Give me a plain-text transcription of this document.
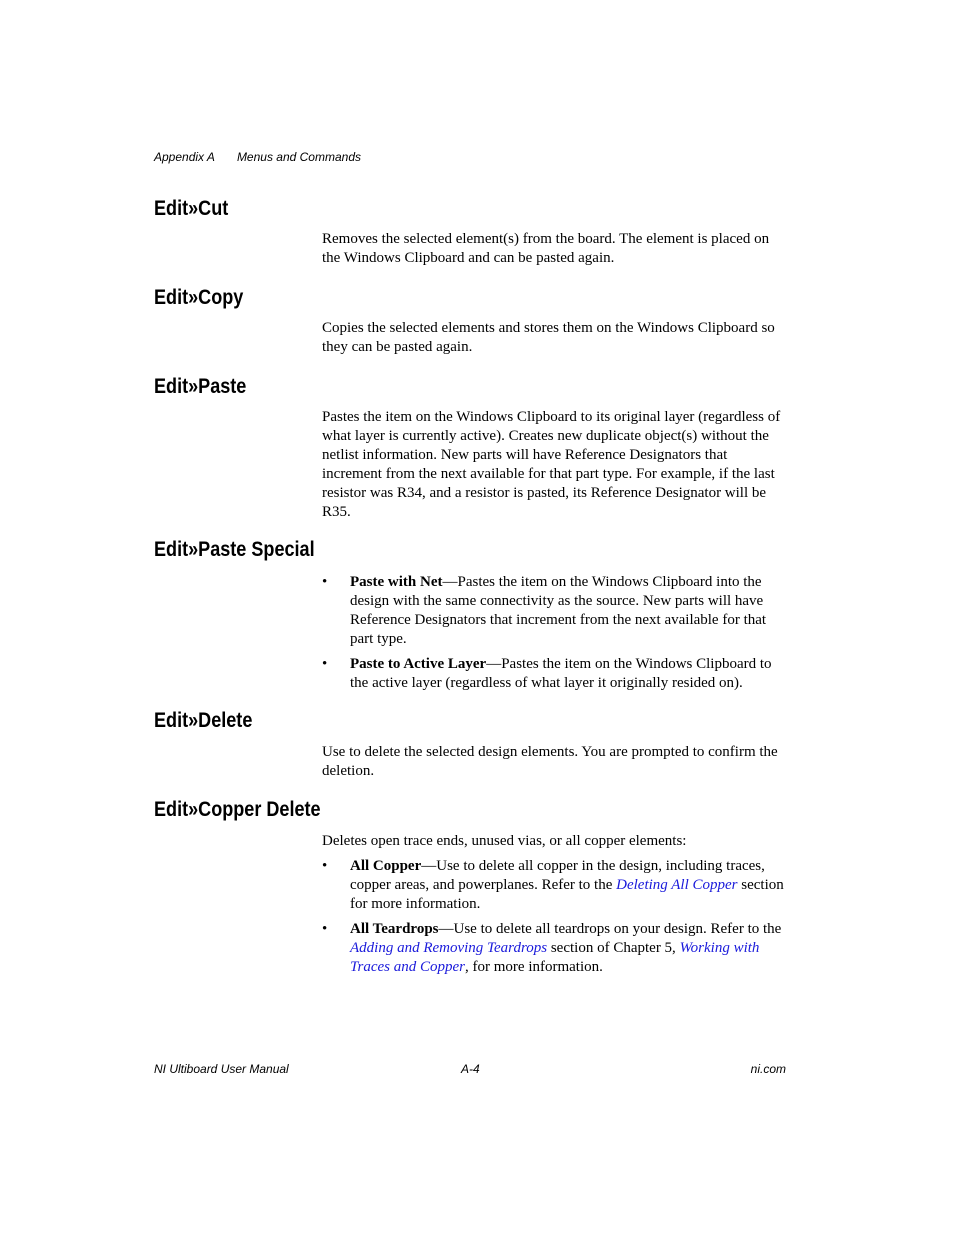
Appendix A Menus and Commands
Edit»Cut

Removes the selected element(s) from the board. The element is placed on the Windows Clipboard and can be pasted again.

Edit»Copy

Copies the selected elements and stores them on the Windows Clipboard so they can be pasted again.

Edit»Paste

Pastes the item on the Windows Clipboard to its original layer (regardless of what layer is currently active). Creates new duplicate object(s) without the netlist information. New parts will have Reference Designators that increment from the next available for that part type. For example, if the last resistor was R34, and a resistor is pasted, its Reference Designator will be R35.

Edit»Paste Special
• Paste with Net—Pastes the item on the Windows Clipboard into the design with the same connectivity as the source. New parts will have Reference Designators that increment from the next available for that part type.
• Paste to Active Layer—Pastes the item on the Windows Clipboard to the active layer (regardless of what layer it originally resided on).
Edit»Delete

Use to delete the selected design elements. You are prompted to confirm the deletion.

Edit»Copper Delete

Deletes open trace ends, unused vias, or all copper elements:

• All Copper—Use to delete all copper in the design, including traces, copper areas, and powerplanes. Refer to the Deleting All Copper section for more information.
• All Teardrops—Use to delete all teardrops on your design. Refer to the Adding and Removing Teardrops section of Chapter 5, Working with Traces and Copper, for more information.
NI Ultiboard User Manual	A-4	ni.com
